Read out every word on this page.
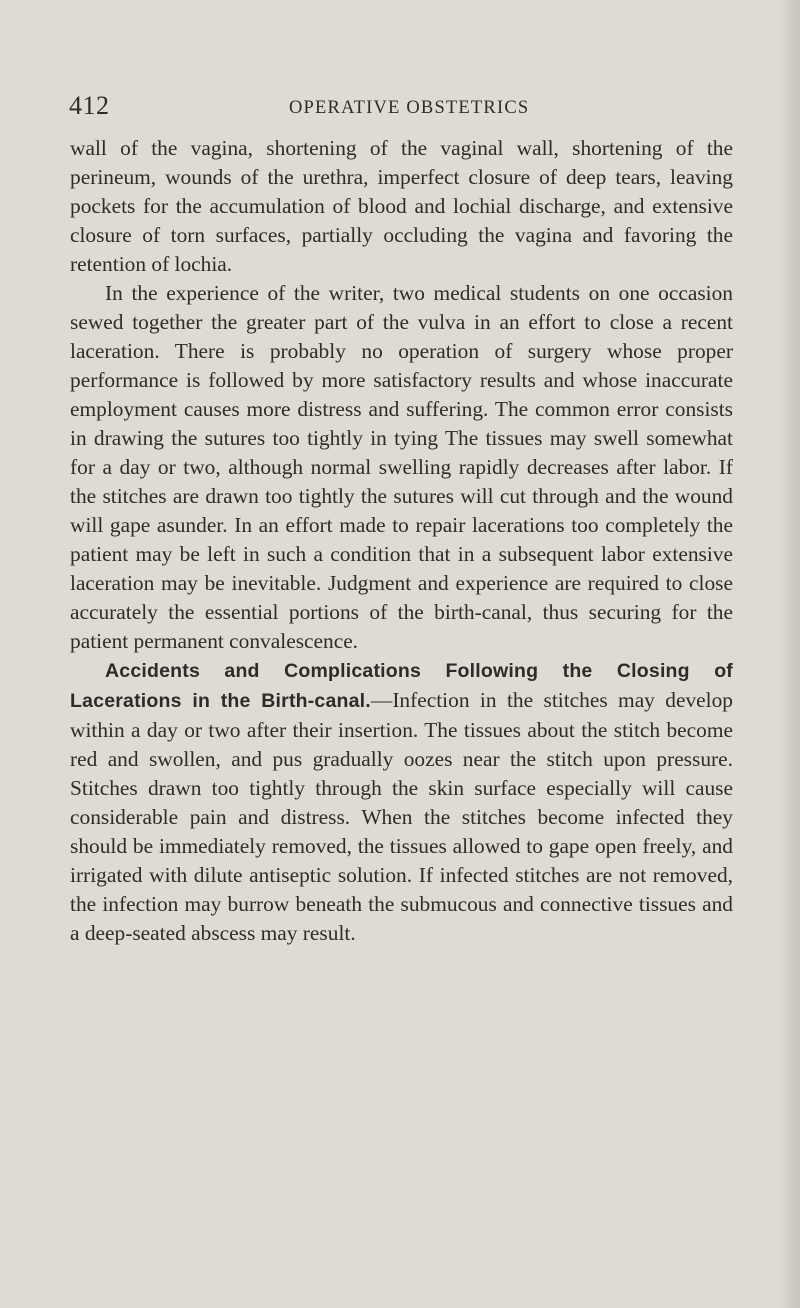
412	OPERATIVE OBSTETRICS

wall of the vagina, shortening of the vaginal wall, shortening of the perineum, wounds of the urethra, imperfect closure of deep tears, leaving pockets for the accumulation of blood and lochial discharge, and extensive closure of torn surfaces, partially occluding the vagina and favoring the retention of lochia.

In the experience of the writer, two medical students on one occasion sewed together the greater part of the vulva in an effort to close a recent laceration. There is probably no operation of surgery whose proper performance is followed by more satisfactory results and whose inaccurate employment causes more distress and suffering. The common error consists in drawing the sutures too tightly in tying The tissues may swell somewhat for a day or two, although normal swelling rapidly decreases after labor. If the stitches are drawn too tightly the sutures will cut through and the wound will gape asunder. In an effort made to repair lacerations too completely the patient may be left in such a condition that in a subsequent labor extensive laceration may be inevitable. Judgment and experience are required to close accurately the essential portions of the birth-canal, thus securing for the patient permanent convalescence.

Accidents and Complications Following the Closing of Lacerations in the Birth-canal.—Infection in the stitches may develop within a day or two after their insertion. The tissues about the stitch become red and swollen, and pus gradually oozes near the stitch upon pressure. Stitches drawn too tightly through the skin surface especially will cause considerable pain and distress. When the stitches become infected they should be immediately removed, the tissues allowed to gape open freely, and irrigated with dilute antiseptic solution. If infected stitches are not removed, the infection may burrow beneath the submucous and connective tissues and a deep-seated abscess may result.
